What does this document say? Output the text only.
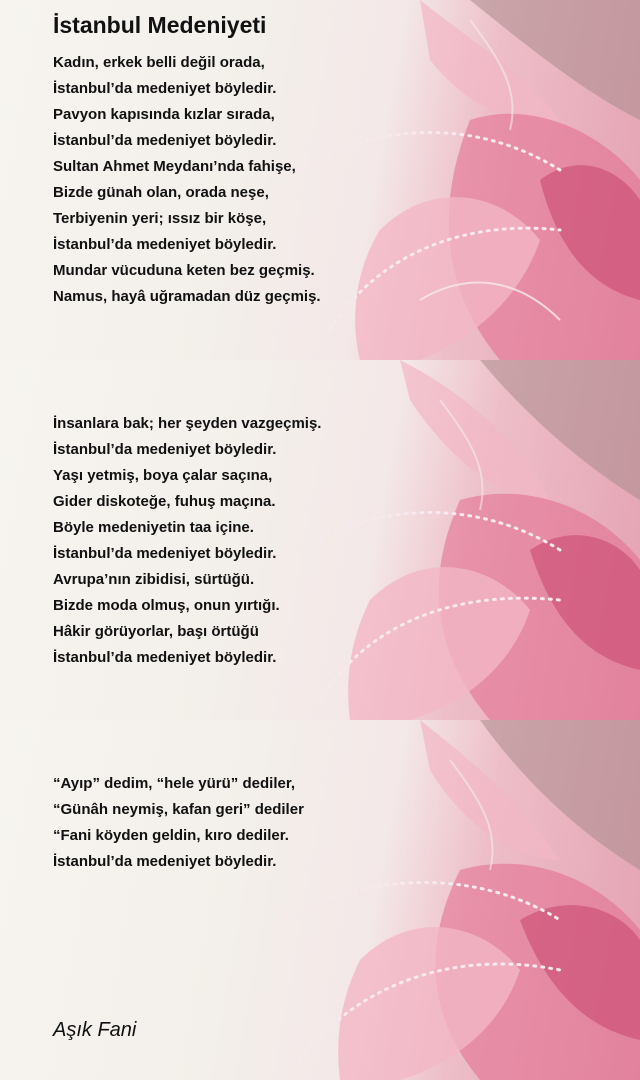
İstanbul Medeniyeti
Kadın, erkek belli değil orada,
İstanbul’da medeniyet böyledir.
Pavyon kapısında kızlar sırada,
İstanbul’da medeniyet böyledir.
Sultan Ahmet Meydanı’nda fahişe,
Bizde günah olan, orada neşe,
Terbiyenin yeri; ıssız bir köşe,
İstanbul’da medeniyet böyledir.
Mundar vücuduna keten bez geçmiş.
Namus, hayâ uğramadan düz geçmiş.
İnsanlara bak; her şeyden vazgeçmiş.
İstanbul’da medeniyet böyledir.
Yaşı yetmiş, boya çalar saçına,
Gider diskoteğe, fuhuş maçına.
Böyle medeniyetin taa içine.
İstanbul’da medeniyet böyledir.
Avrupa’nın zibidisi, sürtüğü.
Bizde moda olmuş, onun yırtığı.
Hâkir görüyorlar, başı örtüğü
İstanbul’da medeniyet böyledir.
“Ayıp” dedim, “hele yürü” dediler,
“Günâh neymiş, kafan geri” dediler
“Fani köyden geldin, kıro dediler.
İstanbul’da medeniyet böyledir.

Aşık Fani
